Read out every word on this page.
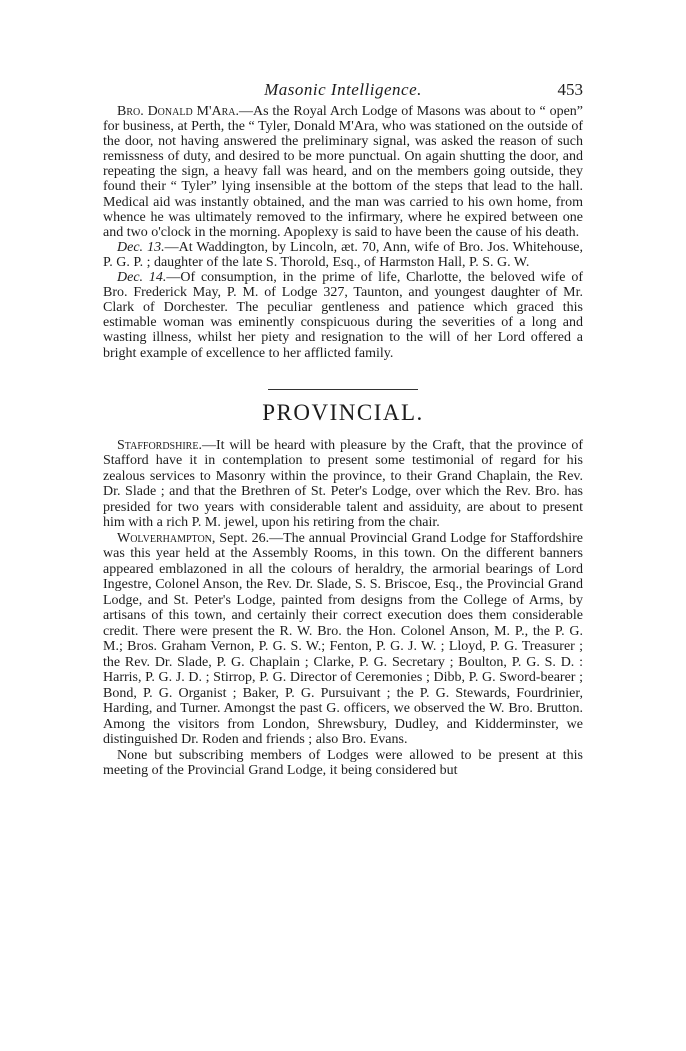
Masonic Intelligence.	453

Bro. Donald M'Ara.—As the Royal Arch Lodge of Masons was about to “ open” for business, at Perth, the “ Tyler, Donald M'Ara, who was stationed on the outside of the door, not having answered the preliminary signal, was asked the reason of such remissness of duty, and desired to be more punctual. On again shutting the door, and repeating the sign, a heavy fall was heard, and on the members going outside, they found their “ Tyler” lying insensible at the bottom of the steps that lead to the hall. Medical aid was instantly obtained, and the man was carried to his own home, from whence he was ultimately removed to the infirmary, where he expired between one and two o'clock in the morning. Apoplexy is said to have been the cause of his death.

Dec. 13.—At Waddington, by Lincoln, æt. 70, Ann, wife of Bro. Jos. Whitehouse, P. G. P. ; daughter of the late S. Thorold, Esq., of Harmston Hall, P. S. G. W.

Dec. 14.—Of consumption, in the prime of life, Charlotte, the beloved wife of Bro. Frederick May, P. M. of Lodge 327, Taunton, and youngest daughter of Mr. Clark of Dorchester. The peculiar gentleness and patience which graced this estimable woman was eminently conspicuous during the severities of a long and wasting illness, whilst her piety and resignation to the will of her Lord offered a bright example of excellence to her afflicted family.

PROVINCIAL.

Staffordshire.—It will be heard with pleasure by the Craft, that the province of Stafford have it in contemplation to present some testimonial of regard for his zealous services to Masonry within the province, to their Grand Chaplain, the Rev. Dr. Slade ; and that the Brethren of St. Peter's Lodge, over which the Rev. Bro. has presided for two years with considerable talent and assiduity, are about to present him with a rich P. M. jewel, upon his retiring from the chair.

Wolverhampton, Sept. 26.—The annual Provincial Grand Lodge for Staffordshire was this year held at the Assembly Rooms, in this town. On the different banners appeared emblazoned in all the colours of heraldry, the armorial bearings of Lord Ingestre, Colonel Anson, the Rev. Dr. Slade, S. S. Briscoe, Esq., the Provincial Grand Lodge, and St. Peter's Lodge, painted from designs from the College of Arms, by artisans of this town, and certainly their correct execution does them considerable credit. There were present the R. W. Bro. the Hon. Colonel Anson, M. P., the P. G. M.; Bros. Graham Vernon, P. G. S. W.; Fenton, P. G. J. W. ; Lloyd, P. G. Treasurer ; the Rev. Dr. Slade, P. G. Chaplain ; Clarke, P. G. Secretary ; Boulton, P. G. S. D. : Harris, P. G. J. D. ; Stirrop, P. G. Director of Ceremonies ; Dibb, P. G. Sword-bearer ; Bond, P. G. Organist ; Baker, P. G. Pursuivant ; the P. G. Stewards, Fourdrinier, Harding, and Turner. Amongst the past G. officers, we observed the W. Bro. Brutton. Among the visitors from London, Shrewsbury, Dudley, and Kidderminster, we distinguished Dr. Roden and friends ; also Bro. Evans.

None but subscribing members of Lodges were allowed to be present at this meeting of the Provincial Grand Lodge, it being considered but
